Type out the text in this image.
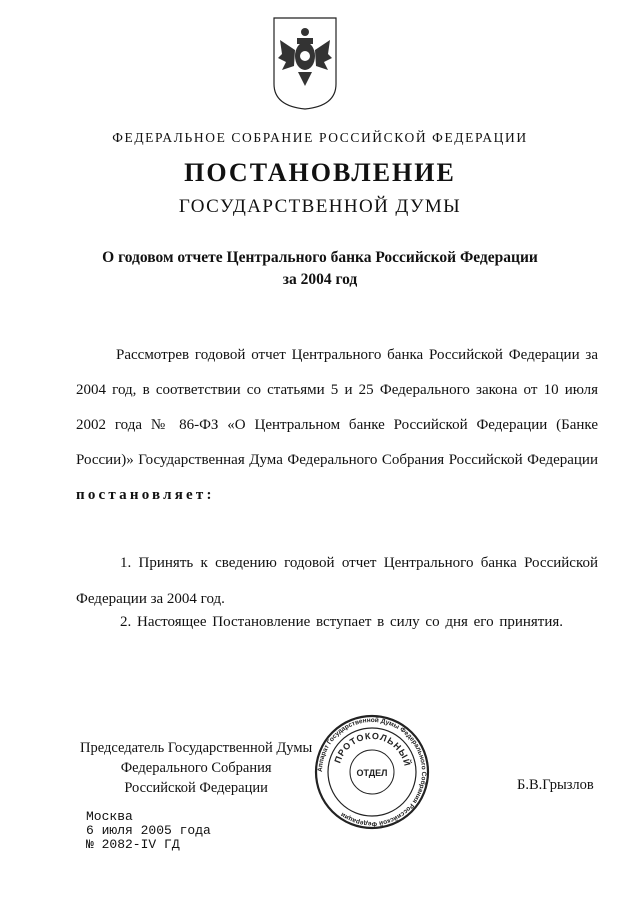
ФЕДЕРАЛЬНОЕ СОБРАНИЕ РОССИЙСКОЙ ФЕДЕРАЦИИ
ПОСТАНОВЛЕНИЕ
ГОСУДАРСТВЕННОЙ ДУМЫ
О годовом отчете Центрального банка Российской Федерации
за 2004 год
Рассмотрев годовой отчет Центрального банка Российской Федерации за 2004 год, в соответствии со статьями 5 и 25 Федерального закона от 10 июля 2002 года № 86-ФЗ «О Центральном банке Российской Федерации (Банке России)» Государственная Дума Федерального Собрания Российской Федерации постановляет:
1. Принять к сведению годовой отчет Центрального банка Российской Федерации за 2004 год.
2. Настоящее Постановление вступает в силу со дня его принятия.
Председатель Государственной Думы
Федерального Собрания
Российской Федерации
Аппарат Государственной Думы Федерального Собрания Российской Федерации
ПРОТОКОЛЬНЫЙ
ОТДЕЛ
Б.В.Грызлов
Москва
6 июля 2005 года
№ 2082-IV ГД
